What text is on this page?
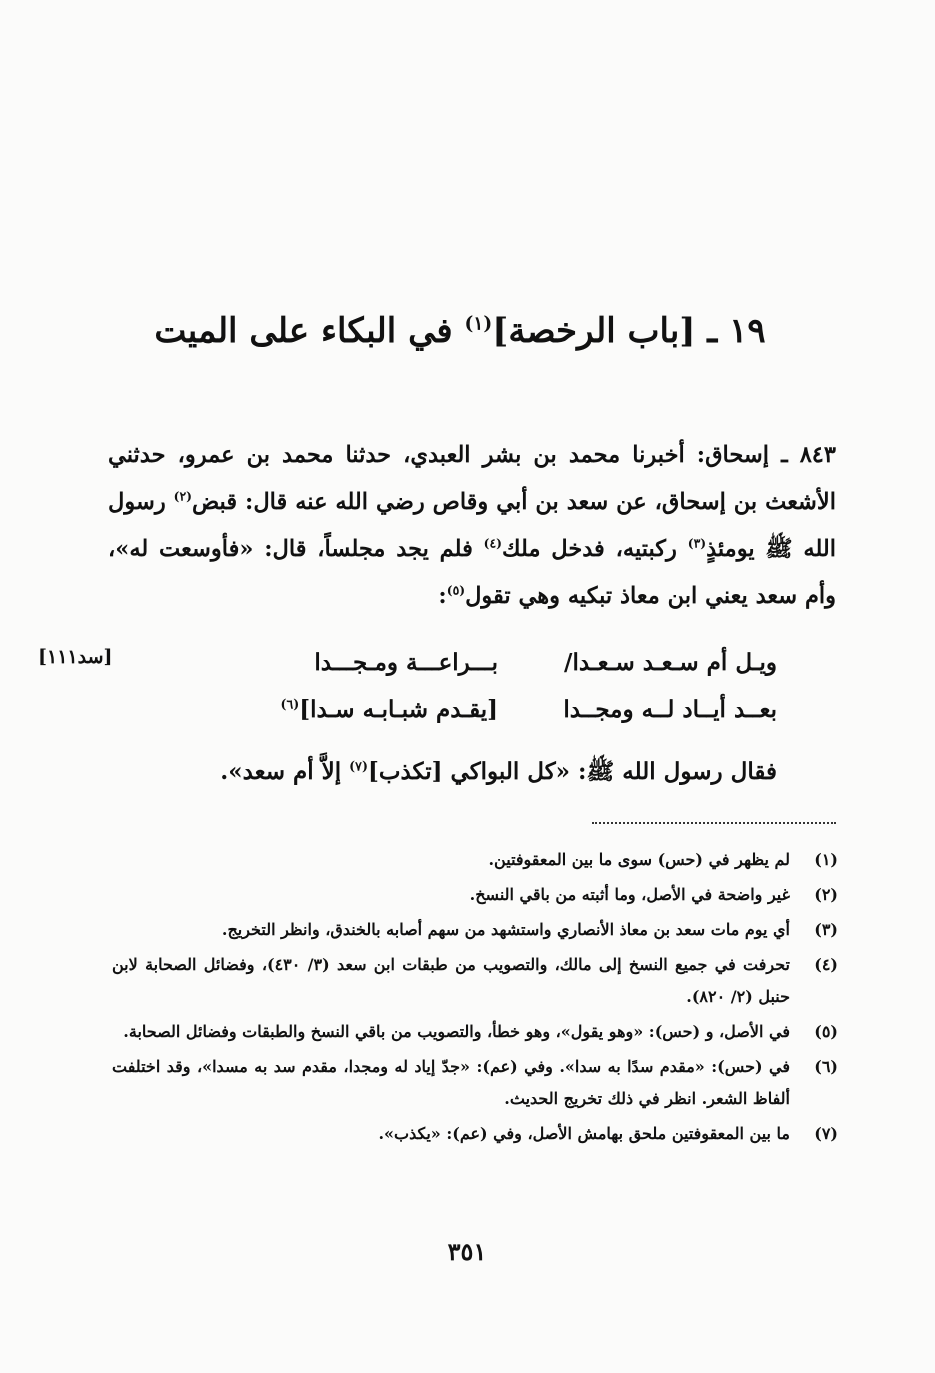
١٩ ـ [باب الرخصة]$^{(١)}$ في البكاء على الميت
٨٤٣ ـ إسحاق: أخبرنا محمد بن بشر العبدي، حدثنا محمد بن عمرو، حدثني الأشعث بن إسحاق، عن سعد بن أبي وقاص رضي الله عنه قال: قبض$^{(٢)}$ رسول الله ﷺ يومئذٍ$^{(٣)}$ ركبتيه، فدخل ملك$^{(٤)}$ فلم يجد مجلساً، قال: «فأوسعت له»، وأم سعد يعني ابن معاذ تبكيه وهي تقول$^{(٥)}$:
ويـل أم سـعـد سـعـدا/
بـــراعـــة ومـجـــدا
[سد١١١]
بعــد أيــاد لــه ومجــدا
[يقـدم شبـابـه سـدا]$^{(٦)}$
فقال رسول الله ﷺ: «كل البواكي [تكذب]$^{(٧)}$ إلاَّ أم سعد».
(١)
لم يظهر في (حس) سوى ما بين المعقوفتين.
(٢)
غير واضحة في الأصل، وما أثبته من باقي النسخ.
(٣)
أي يوم مات سعد بن معاذ الأنصاري واستشهد من سهم أصابه بالخندق، وانظر التخريج.
(٤)
تحرفت في جميع النسخ إلى مالك، والتصويب من طبقات ابن سعد (٣/ ٤٣٠)، وفضائل الصحابة لابن حنبل (٢/ ٨٢٠).
(٥)
في الأصل، و (حس): «وهو يقول»، وهو خطأ، والتصويب من باقي النسخ والطبقات وفضائل الصحابة.
(٦)
في (حس): «مقدم سدًا به سدا». وفي (عم): «جدّ إياد له ومجدا، مقدم سد به مسدا»، وقد اختلفت ألفاظ الشعر. انظر في ذلك تخريج الحديث.
(٧)
ما بين المعقوفتين ملحق بهامش الأصل، وفي (عم): «يكذب».
٣٥١
